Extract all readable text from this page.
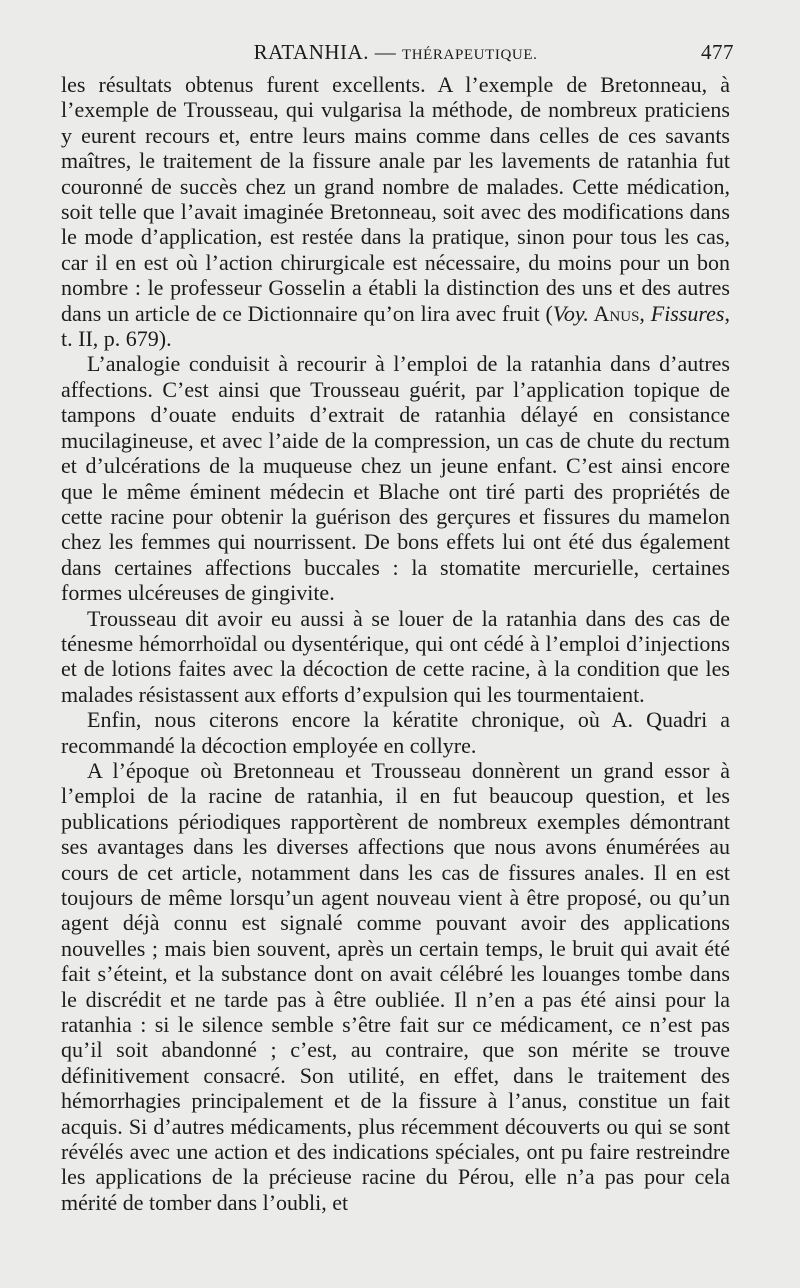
RATANHIA. — THÉRAPEUTIQUE.	477

les résultats obtenus furent excellents. A l’exemple de Bretonneau, à l’exemple de Trousseau, qui vulgarisa la méthode, de nombreux praticiens y eurent recours et, entre leurs mains comme dans celles de ces savants maîtres, le traitement de la fissure anale par les lavements de ratanhia fut couronné de succès chez un grand nombre de malades. Cette médication, soit telle que l’avait imaginée Bretonneau, soit avec des modifications dans le mode d’application, est restée dans la pratique, sinon pour tous les cas, car il en est où l’action chirurgicale est nécessaire, du moins pour un bon nombre : le professeur Gosselin a établi la distinction des uns et des autres dans un article de ce Dictionnaire qu’on lira avec fruit (Voy. Anus, Fissures, t. II, p. 679).

L’analogie conduisit à recourir à l’emploi de la ratanhia dans d’autres affections. C’est ainsi que Trousseau guérit, par l’application topique de tampons d’ouate enduits d’extrait de ratanhia délayé en consistance mucilagineuse, et avec l’aide de la compression, un cas de chute du rectum et d’ulcérations de la muqueuse chez un jeune enfant. C’est ainsi encore que le même éminent médecin et Blache ont tiré parti des propriétés de cette racine pour obtenir la guérison des gerçures et fissures du mamelon chez les femmes qui nourrissent. De bons effets lui ont été dus également dans certaines affections buccales : la stomatite mercurielle, certaines formes ulcéreuses de gingivite.

Trousseau dit avoir eu aussi à se louer de la ratanhia dans des cas de ténesme hémorrhoïdal ou dysentérique, qui ont cédé à l’emploi d’injections et de lotions faites avec la décoction de cette racine, à la condition que les malades résistassent aux efforts d’expulsion qui les tourmentaient.

Enfin, nous citerons encore la kératite chronique, où A. Quadri a recommandé la décoction employée en collyre.

A l’époque où Bretonneau et Trousseau donnèrent un grand essor à l’emploi de la racine de ratanhia, il en fut beaucoup question, et les publications périodiques rapportèrent de nombreux exemples démontrant ses avantages dans les diverses affections que nous avons énumérées au cours de cet article, notamment dans les cas de fissures anales. Il en est toujours de même lorsqu’un agent nouveau vient à être proposé, ou qu’un agent déjà connu est signalé comme pouvant avoir des applications nouvelles ; mais bien souvent, après un certain temps, le bruit qui avait été fait s’éteint, et la substance dont on avait célébré les louanges tombe dans le discrédit et ne tarde pas à être oubliée. Il n’en a pas été ainsi pour la ratanhia : si le silence semble s’être fait sur ce médicament, ce n’est pas qu’il soit abandonné ; c’est, au contraire, que son mérite se trouve définitivement consacré. Son utilité, en effet, dans le traitement des hémorrhagies principalement et de la fissure à l’anus, constitue un fait acquis. Si d’autres médicaments, plus récemment découverts ou qui se sont révélés avec une action et des indications spéciales, ont pu faire restreindre les applications de la précieuse racine du Pérou, elle n’a pas pour cela mérité de tomber dans l’oubli, et
